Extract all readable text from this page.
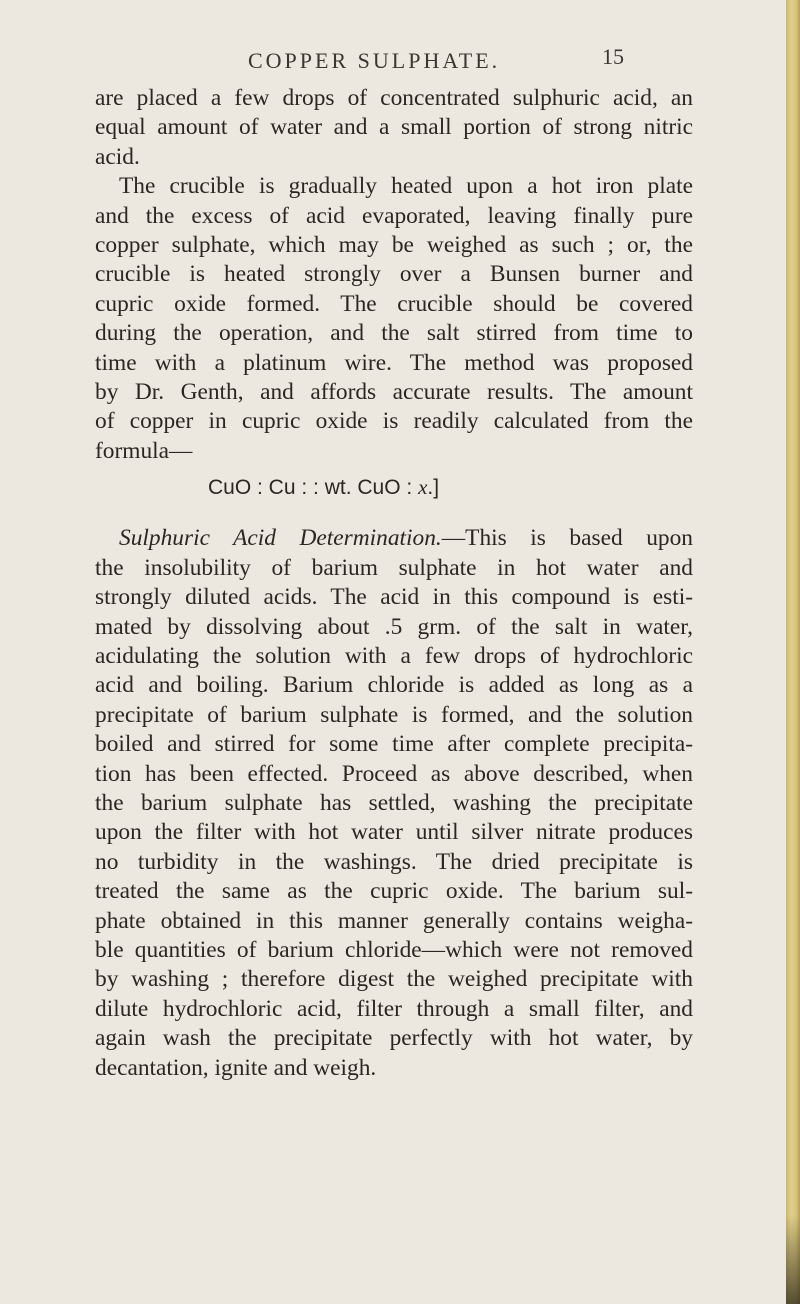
COPPER SULPHATE.	15
are placed a few drops of concentrated sulphuric acid, an
equal amount of water and a small portion of strong nitric
acid.
The crucible is gradually heated upon a hot iron plate
and the excess of acid evaporated, leaving finally pure
copper sulphate, which may be weighed as such ; or, the
crucible is heated strongly over a Bunsen burner and
cupric oxide formed. The crucible should be covered
during the operation, and the salt stirred from time to
time with a platinum wire. The method was proposed
by Dr. Genth, and affords accurate results. The amount
of copper in cupric oxide is readily calculated from the
formula—
CuO : Cu : : wt. CuO : x.]
Sulphuric Acid Determination.—This is based upon
the insolubility of barium sulphate in hot water and
strongly diluted acids. The acid in this compound is esti-
mated by dissolving about .5 grm. of the salt in water,
acidulating the solution with a few drops of hydrochloric
acid and boiling. Barium chloride is added as long as a
precipitate of barium sulphate is formed, and the solution
boiled and stirred for some time after complete precipita-
tion has been effected. Proceed as above described, when
the barium sulphate has settled, washing the precipitate
upon the filter with hot water until silver nitrate produces
no turbidity in the washings. The dried precipitate is
treated the same as the cupric oxide. The barium sul-
phate obtained in this manner generally contains weigha-
ble quantities of barium chloride—which were not removed
by washing ; therefore digest the weighed precipitate with
dilute hydrochloric acid, filter through a small filter, and
again wash the precipitate perfectly with hot water, by
decantation, ignite and weigh.
